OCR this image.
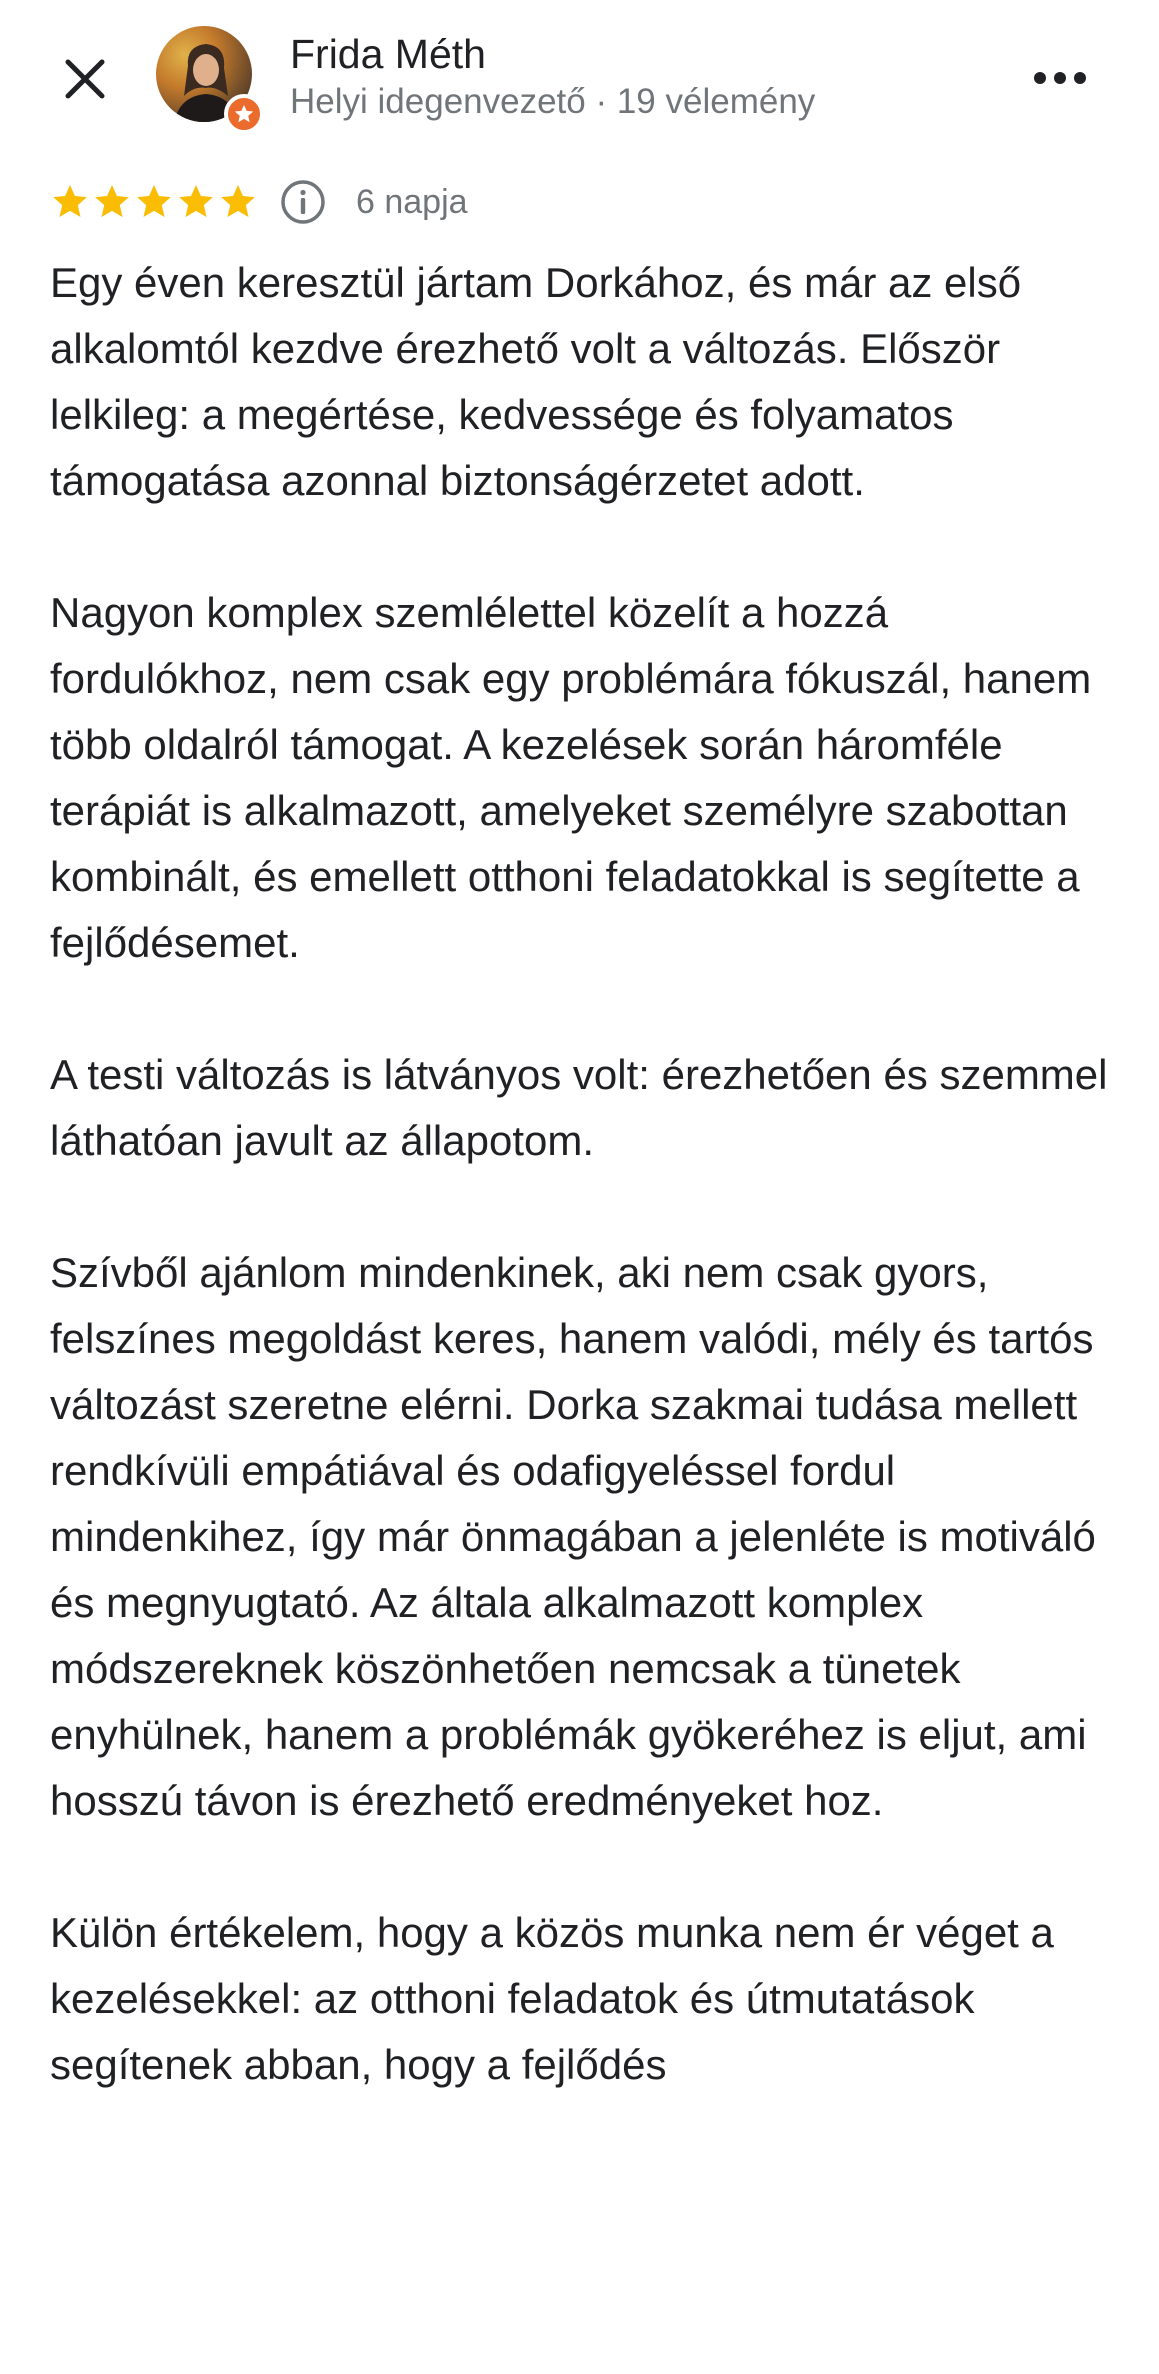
Frida Méth
Helyi idegenvezető · 19 vélemény
6 napja

Egy éven keresztül jártam Dorkához, és már az első alkalomtól kezdve érezhető volt a változás. Először lelkileg: a megértése, kedvessége és folyamatos támogatása azonnal biztonságérzetet adott.

Nagyon komplex szemlélettel közelít a hozzá fordulókhoz, nem csak egy problémára fókuszál, hanem több oldalról támogat. A kezelések során háromféle terápiát is alkalmazott, amelyeket személyre szabottan kombinált, és emellett otthoni feladatokkal is segítette a fejlődésemet.

A testi változás is látványos volt: érezhetően és szemmel láthatóan javult az állapotom.

Szívből ajánlom mindenkinek, aki nem csak gyors, felszínes megoldást keres, hanem valódi, mély és tartós változást szeretne elérni. Dorka szakmai tudása mellett rendkívüli empátiával és odafigyeléssel fordul mindenkihez, így már önmagában a jelenléte is motiváló és megnyugtató. Az általa alkalmazott komplex módszereknek köszönhetően nemcsak a tünetek enyhülnek, hanem a problémák gyökeréhez is eljut, ami hosszú távon is érezhető eredményeket hoz.

Külön értékelem, hogy a közös munka nem ér véget a kezelésekkel: az otthoni feladatok és útmutatások segítenek abban, hogy a fejlődés
